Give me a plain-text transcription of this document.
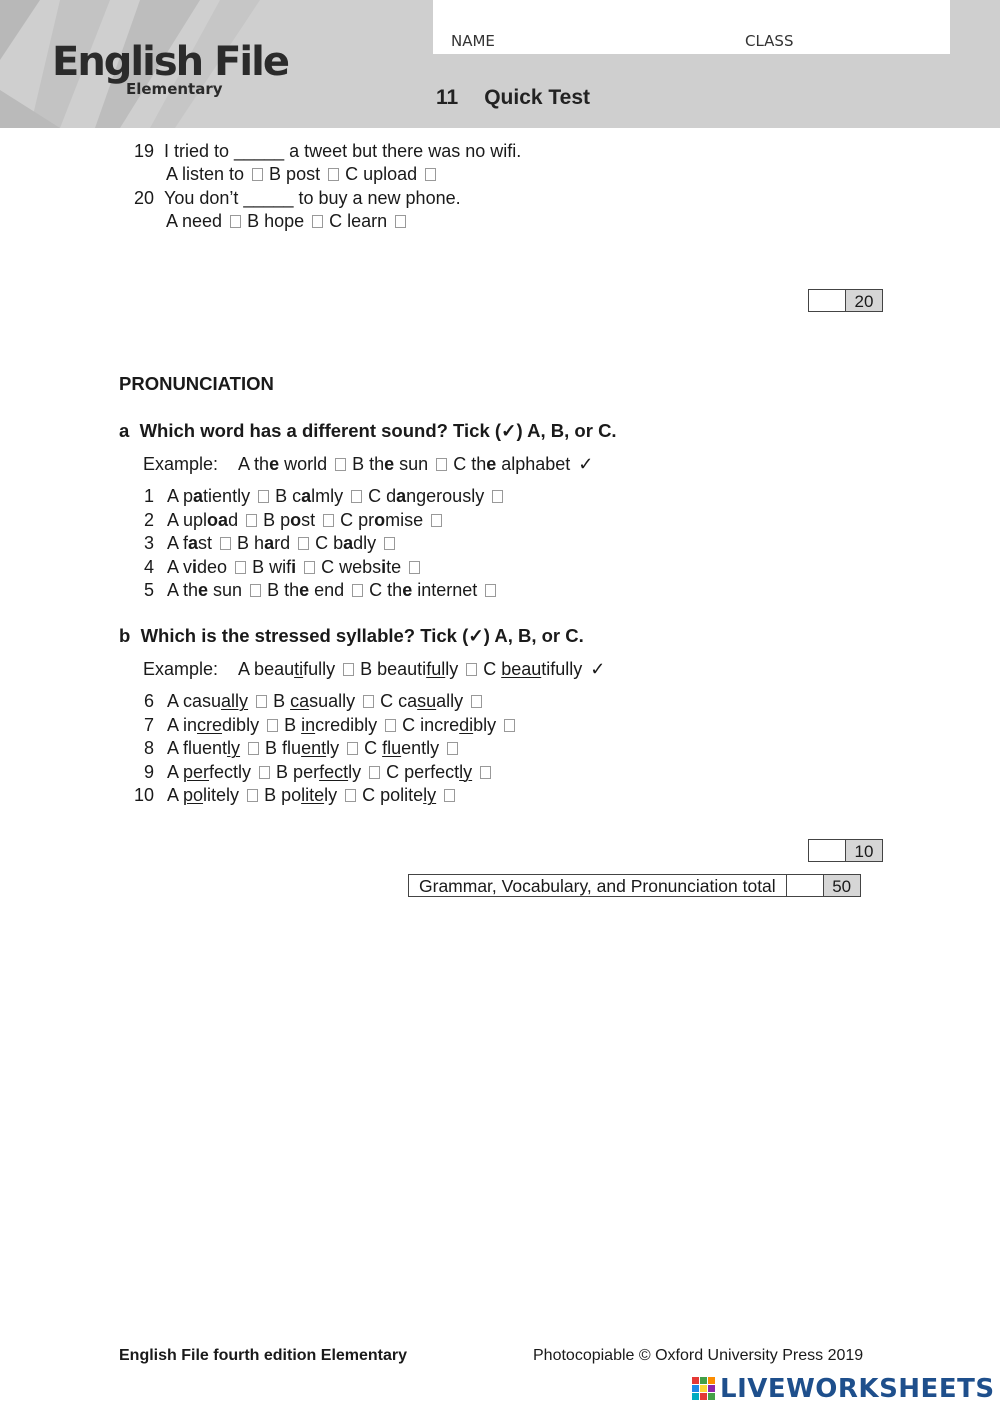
English File
Elementary
NAME	CLASS
11 Quick Test
19 I tried to _____ a tweet but there was no wifi.
A listen to B post C upload
20 You don’t _____ to buy a new phone.
A need B hope C learn
20
PRONUNCIATION
a Which word has a different sound? Tick (✓) A, B, or C.
Example: A the world B the sun C the alphabet ✓
1 A patiently B calmly C dangerously
2 A upload B post C promise
3 A fast B hard C badly
4 A video B wifi C website
5 A the sun B the end C the internet
b Which is the stressed syllable? Tick (✓) A, B, or C.
Example: A beautifully B beautifully C beautifully ✓
6 A casually B casually C casually
7 A incredibly B incredibly C incredibly
8 A fluently B fluently C fluently
9 A perfectly B perfectly C perfectly
10 A politely B politely C politely
10
Grammar, Vocabulary, and Pronunciation total	50
English File fourth edition Elementary	Photocopiable © Oxford University Press 2019
LIVEWORKSHEETS
